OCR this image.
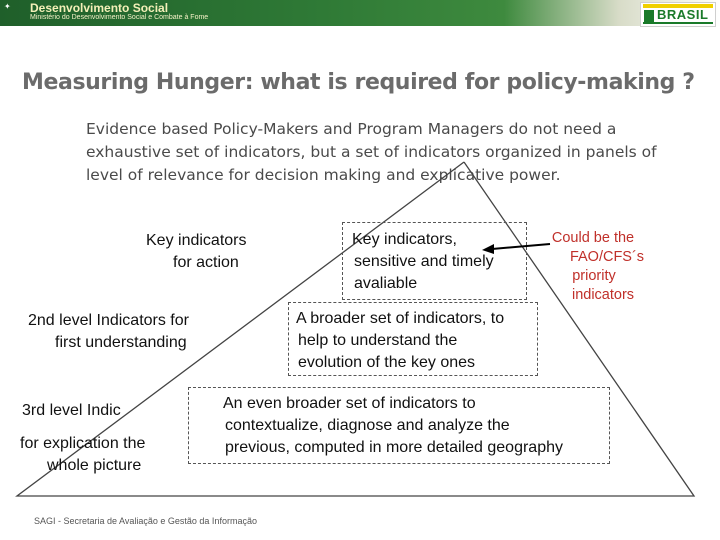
✦ Desenvolvimento Social
Ministério do Desenvolvimento Social e Combate à Fome	BRASIL
Measuring Hunger: what is required for policy-making ?
Evidence based Policy-Makers and Program Managers do not need a exhaustive set of indicators, but a set of indicators organized in panels of level of relevance for decision making and explicative power.
Key indicators
for action
Key indicators,
sensitive and timely
avaliable
Could be the
FAO/CFS´s
priority
indicators
2nd level Indicators for
first understanding
A broader set of indicators, to
help to understand the
evolution of the key ones
3rd level Indic
for explication the
whole picture
An even broader set of indicators to
contextualize, diagnose and analyze the
previous, computed in more detailed geography
SAGI - Secretaria de Avaliação e Gestão da Informação
